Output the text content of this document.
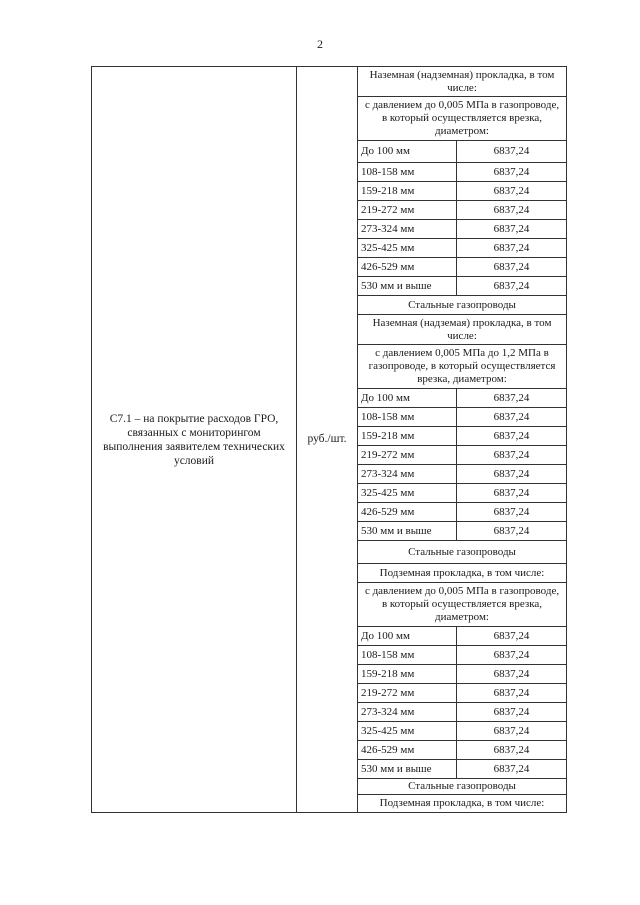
2
С7.1 – на покрытие расходов ГРО, связанных с мониторингом выполнения заявителем технических условий	руб./шт.	Наземная (надземная) прокладка, в том числе:	
		с давлением до 0,005 МПа в газопроводе, в который осуществляется врезка, диаметром:	
		До 100 мм	6837,24
		108-158 мм	6837,24
		159-218 мм	6837,24
		219-272 мм	6837,24
		273-324 мм	6837,24
		325-425 мм	6837,24
		426-529 мм	6837,24
		530 мм и выше	6837,24
		Стальные газопроводы	
		Наземная (надземая) прокладка, в том числе:	
		с давлением 0,005 МПа до 1,2 МПа в газопроводе, в который осуществляется врезка, диаметром:	
		До 100 мм	6837,24
		108-158 мм	6837,24
		159-218 мм	6837,24
		219-272 мм	6837,24
		273-324 мм	6837,24
		325-425 мм	6837,24
		426-529 мм	6837,24
		530 мм и выше	6837,24
		Стальные газопроводы	
		Подземная прокладка, в том числе:	
		с давлением до 0,005 МПа в газопроводе, в который осуществляется врезка, диаметром:	
		До 100 мм	6837,24
		108-158 мм	6837,24
		159-218 мм	6837,24
		219-272 мм	6837,24
		273-324 мм	6837,24
		325-425 мм	6837,24
		426-529 мм	6837,24
		530 мм и выше	6837,24
		Стальные газопроводы	
		Подземная прокладка, в том числе:	
